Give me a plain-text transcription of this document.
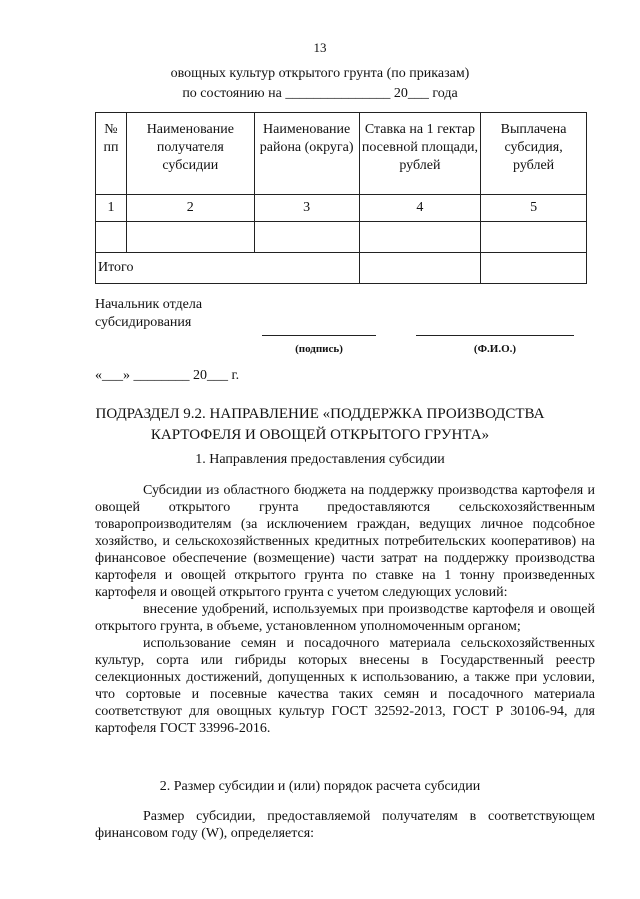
13
овощных культур открытого грунта (по приказам)
по состоянию на _______________ 20___ года
№ пп	Наименование получателя субсидии	Наименование района (округа)	Ставка на 1 гектар посевной площади, рублей	Выплачена субсидия, рублей
1	2	3	4	5

Итого				
Начальник отдела
субсидирования
(подпись)	(Ф.И.О.)
«___» ________ 20___ г.
ПОДРАЗДЕЛ 9.2. НАПРАВЛЕНИЕ «ПОДДЕРЖКА ПРОИЗВОДСТВА
КАРТОФЕЛЯ И ОВОЩЕЙ ОТКРЫТОГО ГРУНТА»
1. Направления предоставления субсидии

Субсидии из областного бюджета на поддержку производства картофеля и овощей открытого грунта предоставляются сельскохозяйственным товаропроизводителям (за исключением граждан, ведущих личное подсобное хозяйство, и сельскохозяйственных кредитных потребительских кооперативов) на финансовое обеспечение (возмещение) части затрат на поддержку производства картофеля и овощей открытого грунта по ставке на 1 тонну произведенных картофеля и овощей открытого грунта с учетом следующих условий:

внесение удобрений, используемых при производстве картофеля и овощей открытого грунта, в объеме, установленном уполномоченным органом;

использование семян и посадочного материала сельскохозяйственных культур, сорта или гибриды которых внесены в Государственный реестр селекционных достижений, допущенных к использованию, а также при условии, что сортовые и посевные качества таких семян и посадочного материала соответствуют для овощных культур ГОСТ 32592-2013, ГОСТ Р 30106-94, для картофеля ГОСТ 33996-2016.

2. Размер субсидии и (или) порядок расчета субсидии

Размер субсидии, предоставляемой получателям в соответствующем финансовом году (W), определяется:
